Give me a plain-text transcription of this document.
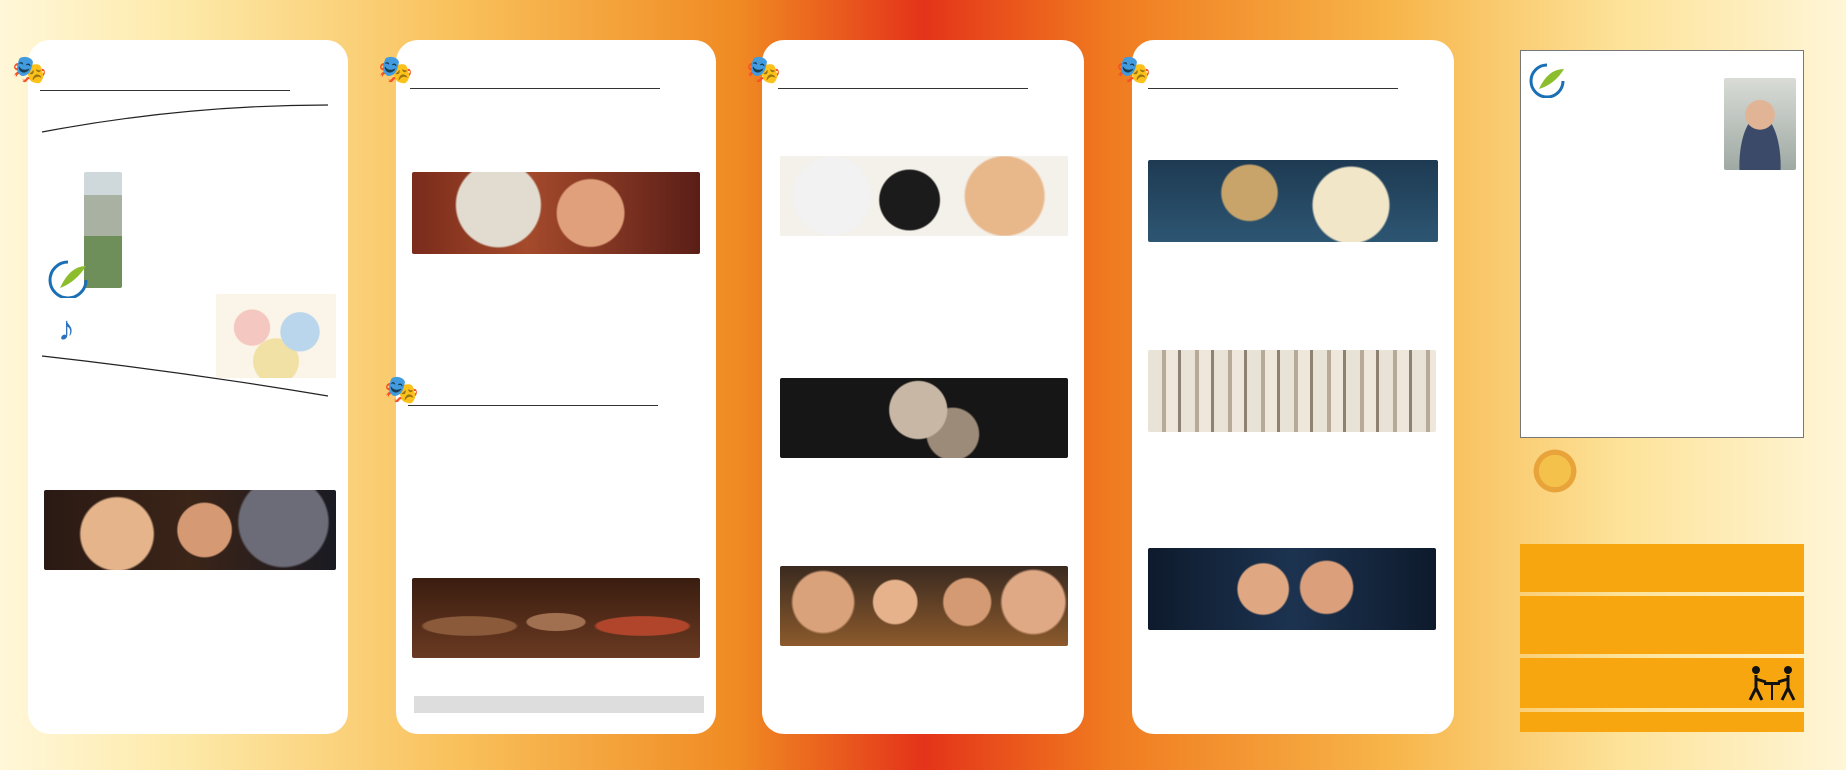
🎭
♪
🎭
🎭
🎭	🎭
